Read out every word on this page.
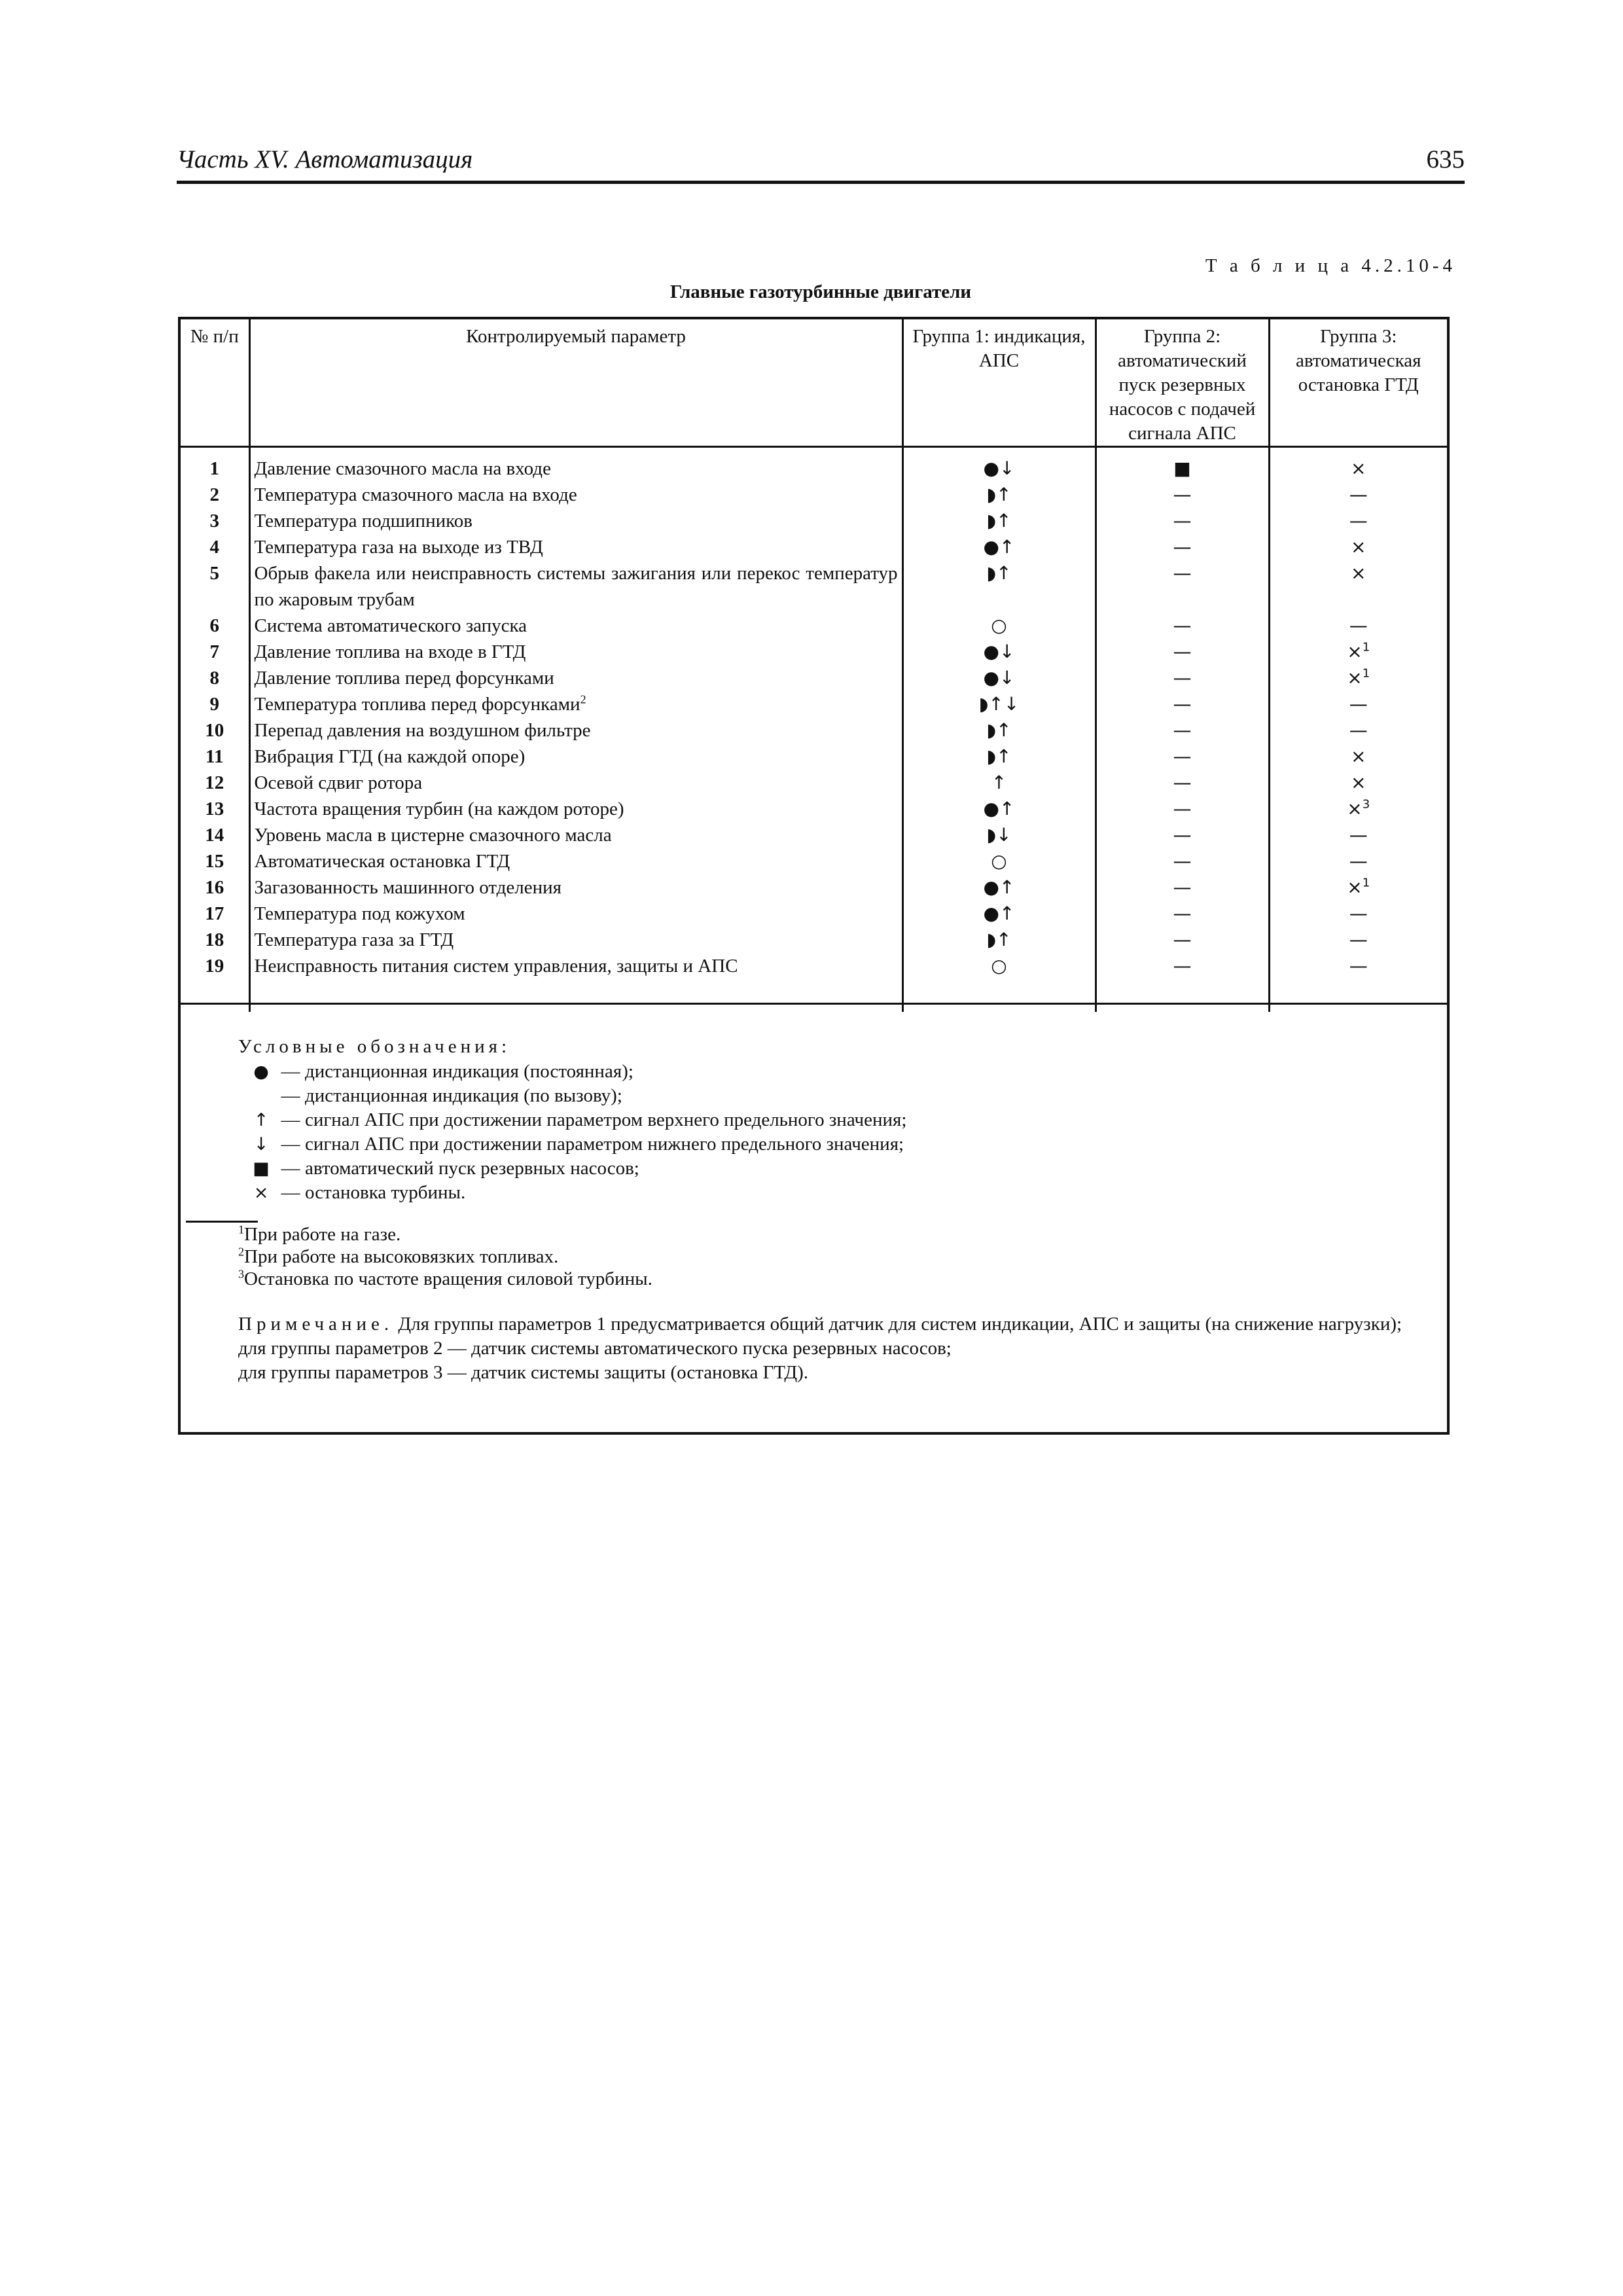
Часть XV. Автоматизация	635
Т а б л и ц а 4.2.10-4
Главные газотурбинные двигатели
№ п/п	Контролируемый параметр	Группа 1: индикация, АПС	Группа 2: автоматический пуск резервных насосов с подачей сигнала АПС	Группа 3: автоматическая остановка ГТД
1	Давление смазочного масла на входе	●↓	■	×
2	Температура смазочного масла на входе	◗↑	—	—
3	Температура подшипников	◗↑	—	—
4	Температура газа на выходе из ТВД	●↑	—	×
5	Обрыв факела или неисправность системы зажигания или перекос температур по жаровым трубам	◗↑	—	×
6	Система автоматического запуска	○	—	—
7	Давление топлива на входе в ГТД	●↓	—	×$^1$
8	Давление топлива перед форсунками	●↓	—	×$^1$
9	Температура топлива перед форсунками$^2$	◗↑↓	—	—
10	Перепад давления на воздушном фильтре	◗↑	—	—
11	Вибрация ГТД (на каждой опоре)	◗↑	—	×
12	Осевой сдвиг ротора	↑	—	×
13	Частота вращения турбин (на каждом роторе)	●↑	—	×$^3$
14	Уровень масла в цистерне смазочного масла	◗↓	—	—
15	Автоматическая остановка ГТД	○	—	—
16	Загазованность машинного отделения	●↑	—	×$^1$
17	Температура под кожухом	●↑	—	—
18	Температура газа за ГТД	◗↑	—	—
19	Неисправность питания систем управления, защиты и АПС	○	—	—
Условные обозначения:
● — дистанционная индикация (постоянная);
— дистанционная индикация (по вызову);
↑ — сигнал АПС при достижении параметром верхнего предельного значения;
↓ — сигнал АПС при достижении параметром нижнего предельного значения;
■ — автоматический пуск резервных насосов;
× — остановка турбины.
$^1$При работе на газе.
$^2$При работе на высоковязких топливах.
$^3$Остановка по частоте вращения силовой турбины.

Примечание. Для группы параметров 1 предусматривается общий датчик для систем индикации, АПС и защиты (на снижение нагрузки);

для группы параметров 2 — датчик системы автоматического пуска резервных насосов;

для группы параметров 3 — датчик системы защиты (остановка ГТД).
